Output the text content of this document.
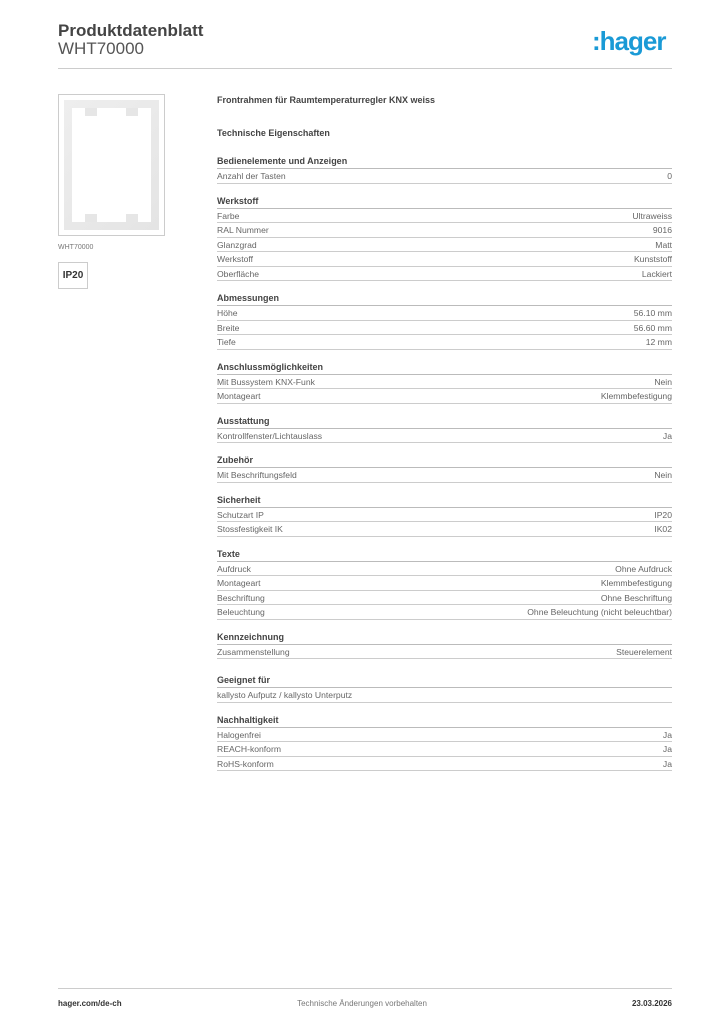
Produktdatenblatt
WHT70000	:hager
WHT70000
IP20
Frontrahmen für Raumtemperaturregler KNX weiss
Technische Eigenschaften
Bedienelemente und Anzeigen
Anzahl der Tasten	0
Werkstoff
Farbe	Ultraweiss
RAL Nummer	9016
Glanzgrad	Matt
Werkstoff	Kunststoff
Oberfläche	Lackiert
Abmessungen
Höhe	56.10 mm
Breite	56.60 mm
Tiefe	12 mm
Anschlussmöglichkeiten
Mit Bussystem KNX-Funk	Nein
Montageart	Klemmbefestigung
Ausstattung
Kontrollfenster/Lichtauslass	Ja
Zubehör
Mit Beschriftungsfeld	Nein
Sicherheit
Schutzart IP	IP20
Stossfestigkeit IK	IK02
Texte
Aufdruck	Ohne Aufdruck
Montageart	Klemmbefestigung
Beschriftung	Ohne Beschriftung
Beleuchtung	Ohne Beleuchtung (nicht beleuchtbar)
Kennzeichnung
Zusammenstellung	Steuerelement
Geeignet für
kallysto Aufputz / kallysto Unterputz
Nachhaltigkeit
Halogenfrei	Ja
REACH-konform	Ja
RoHS-konform	Ja
hager.com/de-ch	Technische Änderungen vorbehalten	23.03.2026
